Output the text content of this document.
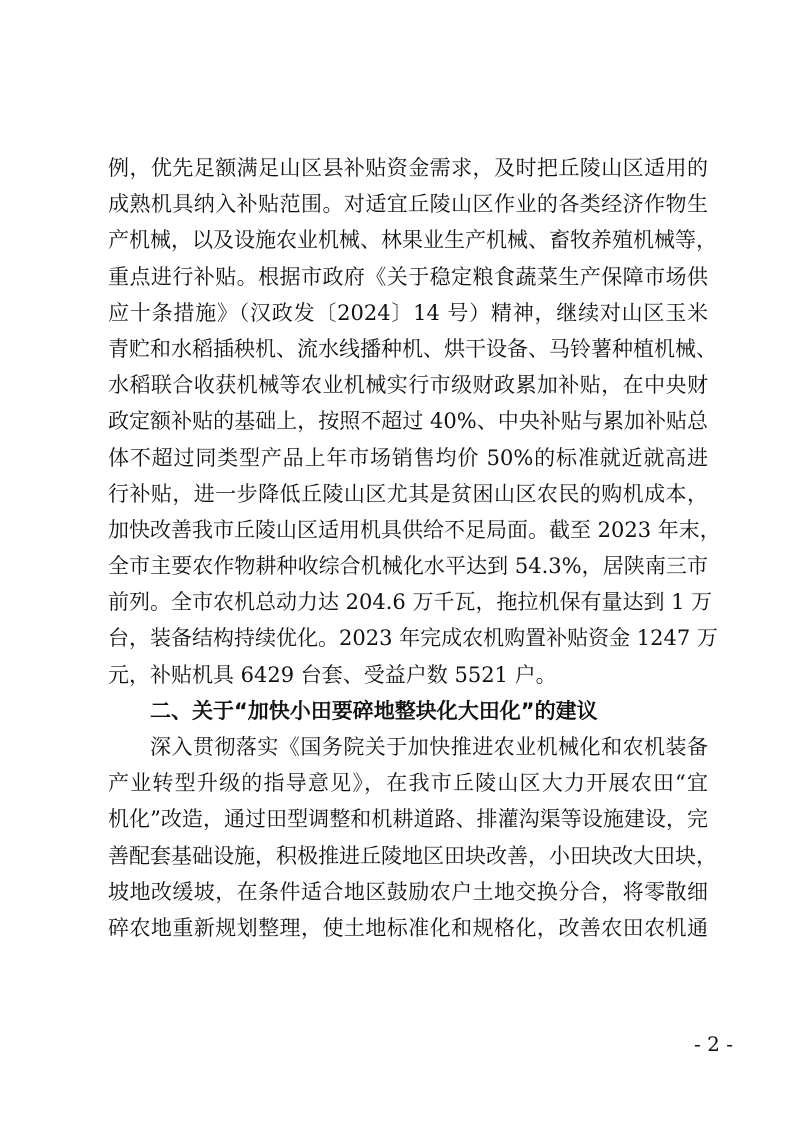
例，优先足额满足山区县补贴资金需求，及时把丘陵山区适用的
成熟机具纳入补贴范围。对适宜丘陵山区作业的各类经济作物生
产机械，以及设施农业机械、林果业生产机械、畜牧养殖机械等，
重点进行补贴。根据市政府《关于稳定粮食蔬菜生产保障市场供
应十条措施》（汉政发〔2024〕14 号）精神，继续对山区玉米
青贮和水稻插秧机、流水线播种机、烘干设备、马铃薯种植机械、
水稻联合收获机械等农业机械实行市级财政累加补贴，在中央财
政定额补贴的基础上，按照不超过 40%、中央补贴与累加补贴总
体不超过同类型产品上年市场销售均价 50%的标准就近就高进
行补贴，进一步降低丘陵山区尤其是贫困山区农民的购机成本，
加快改善我市丘陵山区适用机具供给不足局面。截至 2023 年末，
全市主要农作物耕种收综合机械化水平达到 54.3%，居陕南三市
前列。全市农机总动力达 204.6 万千瓦，拖拉机保有量达到 1 万
台，装备结构持续优化。2023 年完成农机购置补贴资金 1247 万
元，补贴机具 6429 台套、受益户数 5521 户。
二、关于“加快小田要碎地整块化大田化”的建议
深入贯彻落实《国务院关于加快推进农业机械化和农机装备
产业转型升级的指导意见》，在我市丘陵山区大力开展农田“宜
机化”改造，通过田型调整和机耕道路、排灌沟渠等设施建设，完
善配套基础设施，积极推进丘陵地区田块改善，小田块改大田块，
坡地改缓坡，在条件适合地区鼓励农户土地交换分合，将零散细
碎农地重新规划整理，使土地标准化和规格化，改善农田农机通
- 2 -
